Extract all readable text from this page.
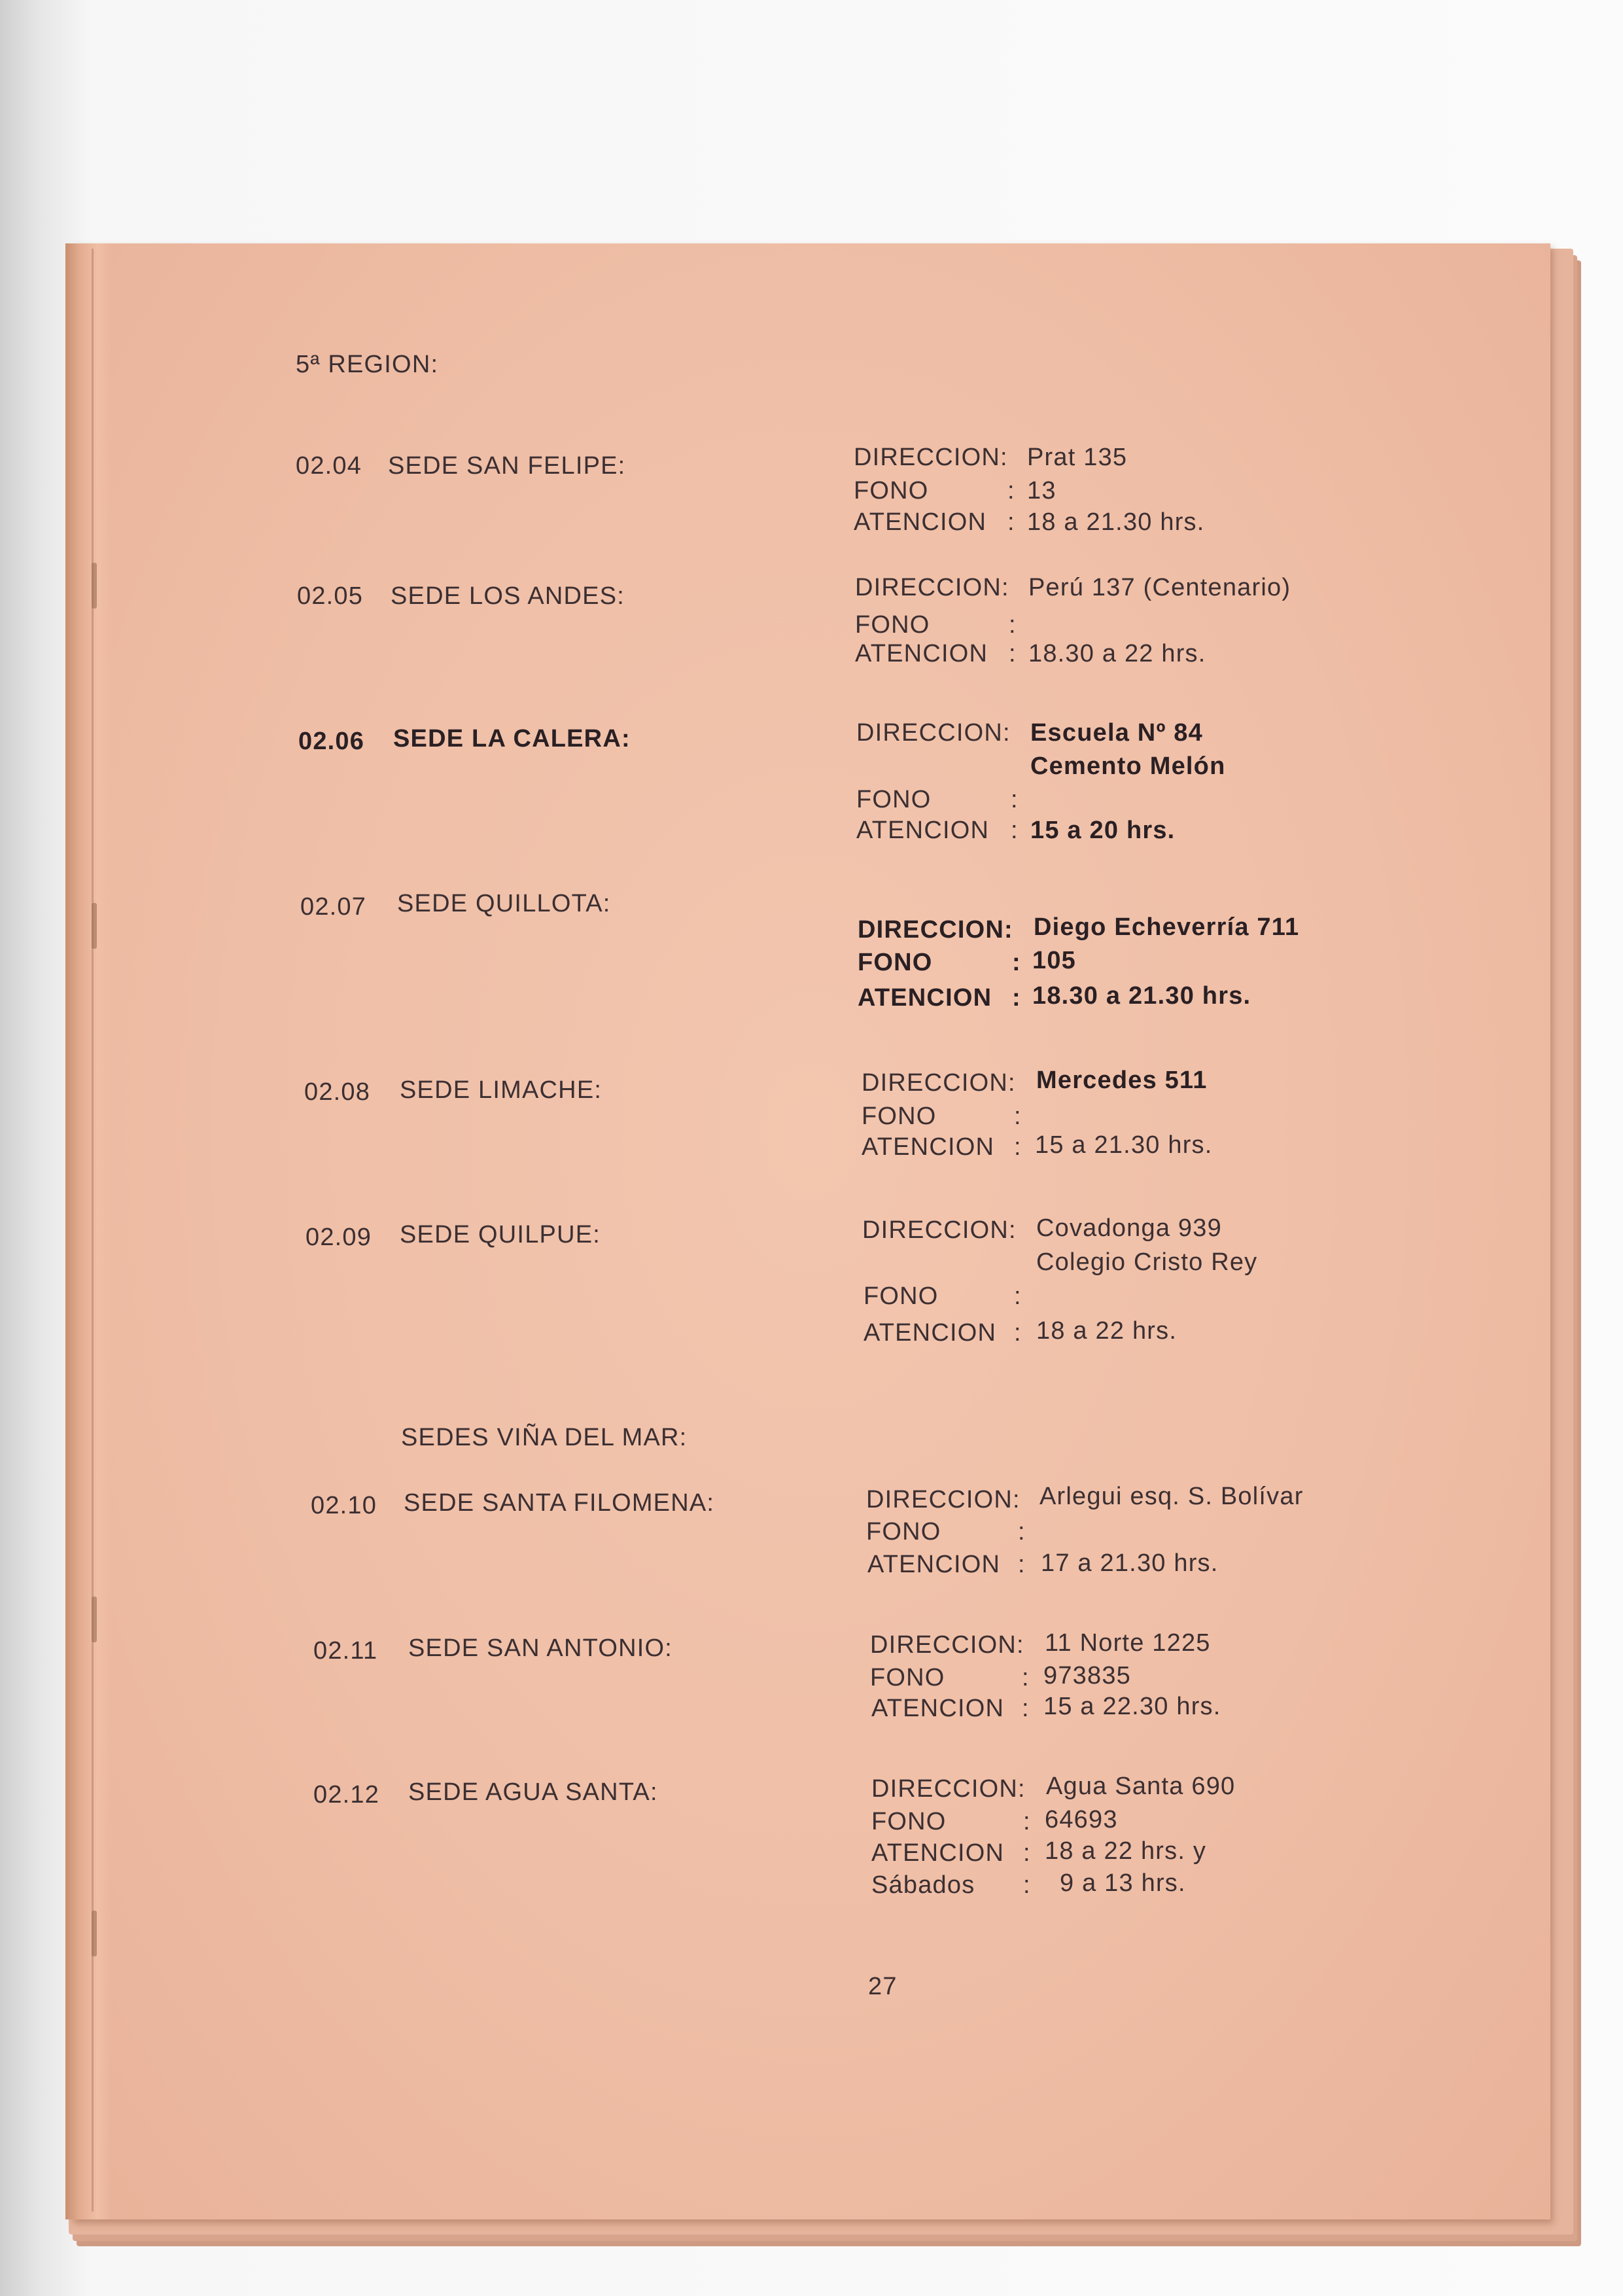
5ª REGION:
02.04 SEDE SAN FELIPE:	DIRECCION: Prat 135
FONO	: 13
ATENCION : 18 a 21.30 hrs.
02.05 SEDE LOS ANDES:	DIRECCION: Perú 137 (Centenario)
FONO	:
ATENCION : 18.30 a 22 hrs.
02.06 SEDE LA CALERA:	DIRECCION: Escuela Nº 84
Cemento Melón
FONO	:
ATENCION : 15 a 20 hrs.
02.07 SEDE QUILLOTA:
DIRECCION: Diego Echeverría 711
FONO	: 105
ATENCION : 18.30 a 21.30 hrs.
02.08 SEDE LIMACHE:	DIRECCION: Mercedes 511
FONO	:
ATENCION : 15 a 21.30 hrs.
02.09 SEDE QUILPUE:	DIRECCION: Covadonga 939
Colegio Cristo Rey
FONO	:
ATENCION : 18 a 22 hrs.
SEDES VIÑA DEL MAR:
02.10 SEDE SANTA FILOMENA:	DIRECCION: Arlegui esq. S. Bolívar
FONO	:
ATENCION : 17 a 21.30 hrs.
02.11 SEDE SAN ANTONIO:	DIRECCION: 11 Norte 1225
FONO	: 973835
ATENCION : 15 a 22.30 hrs.
02.12 SEDE AGUA SANTA:	DIRECCION: Agua Santa 690
FONO	: 64693
ATENCION : 18 a 22 hrs. y
Sábados : 9 a 13 hrs.
27
